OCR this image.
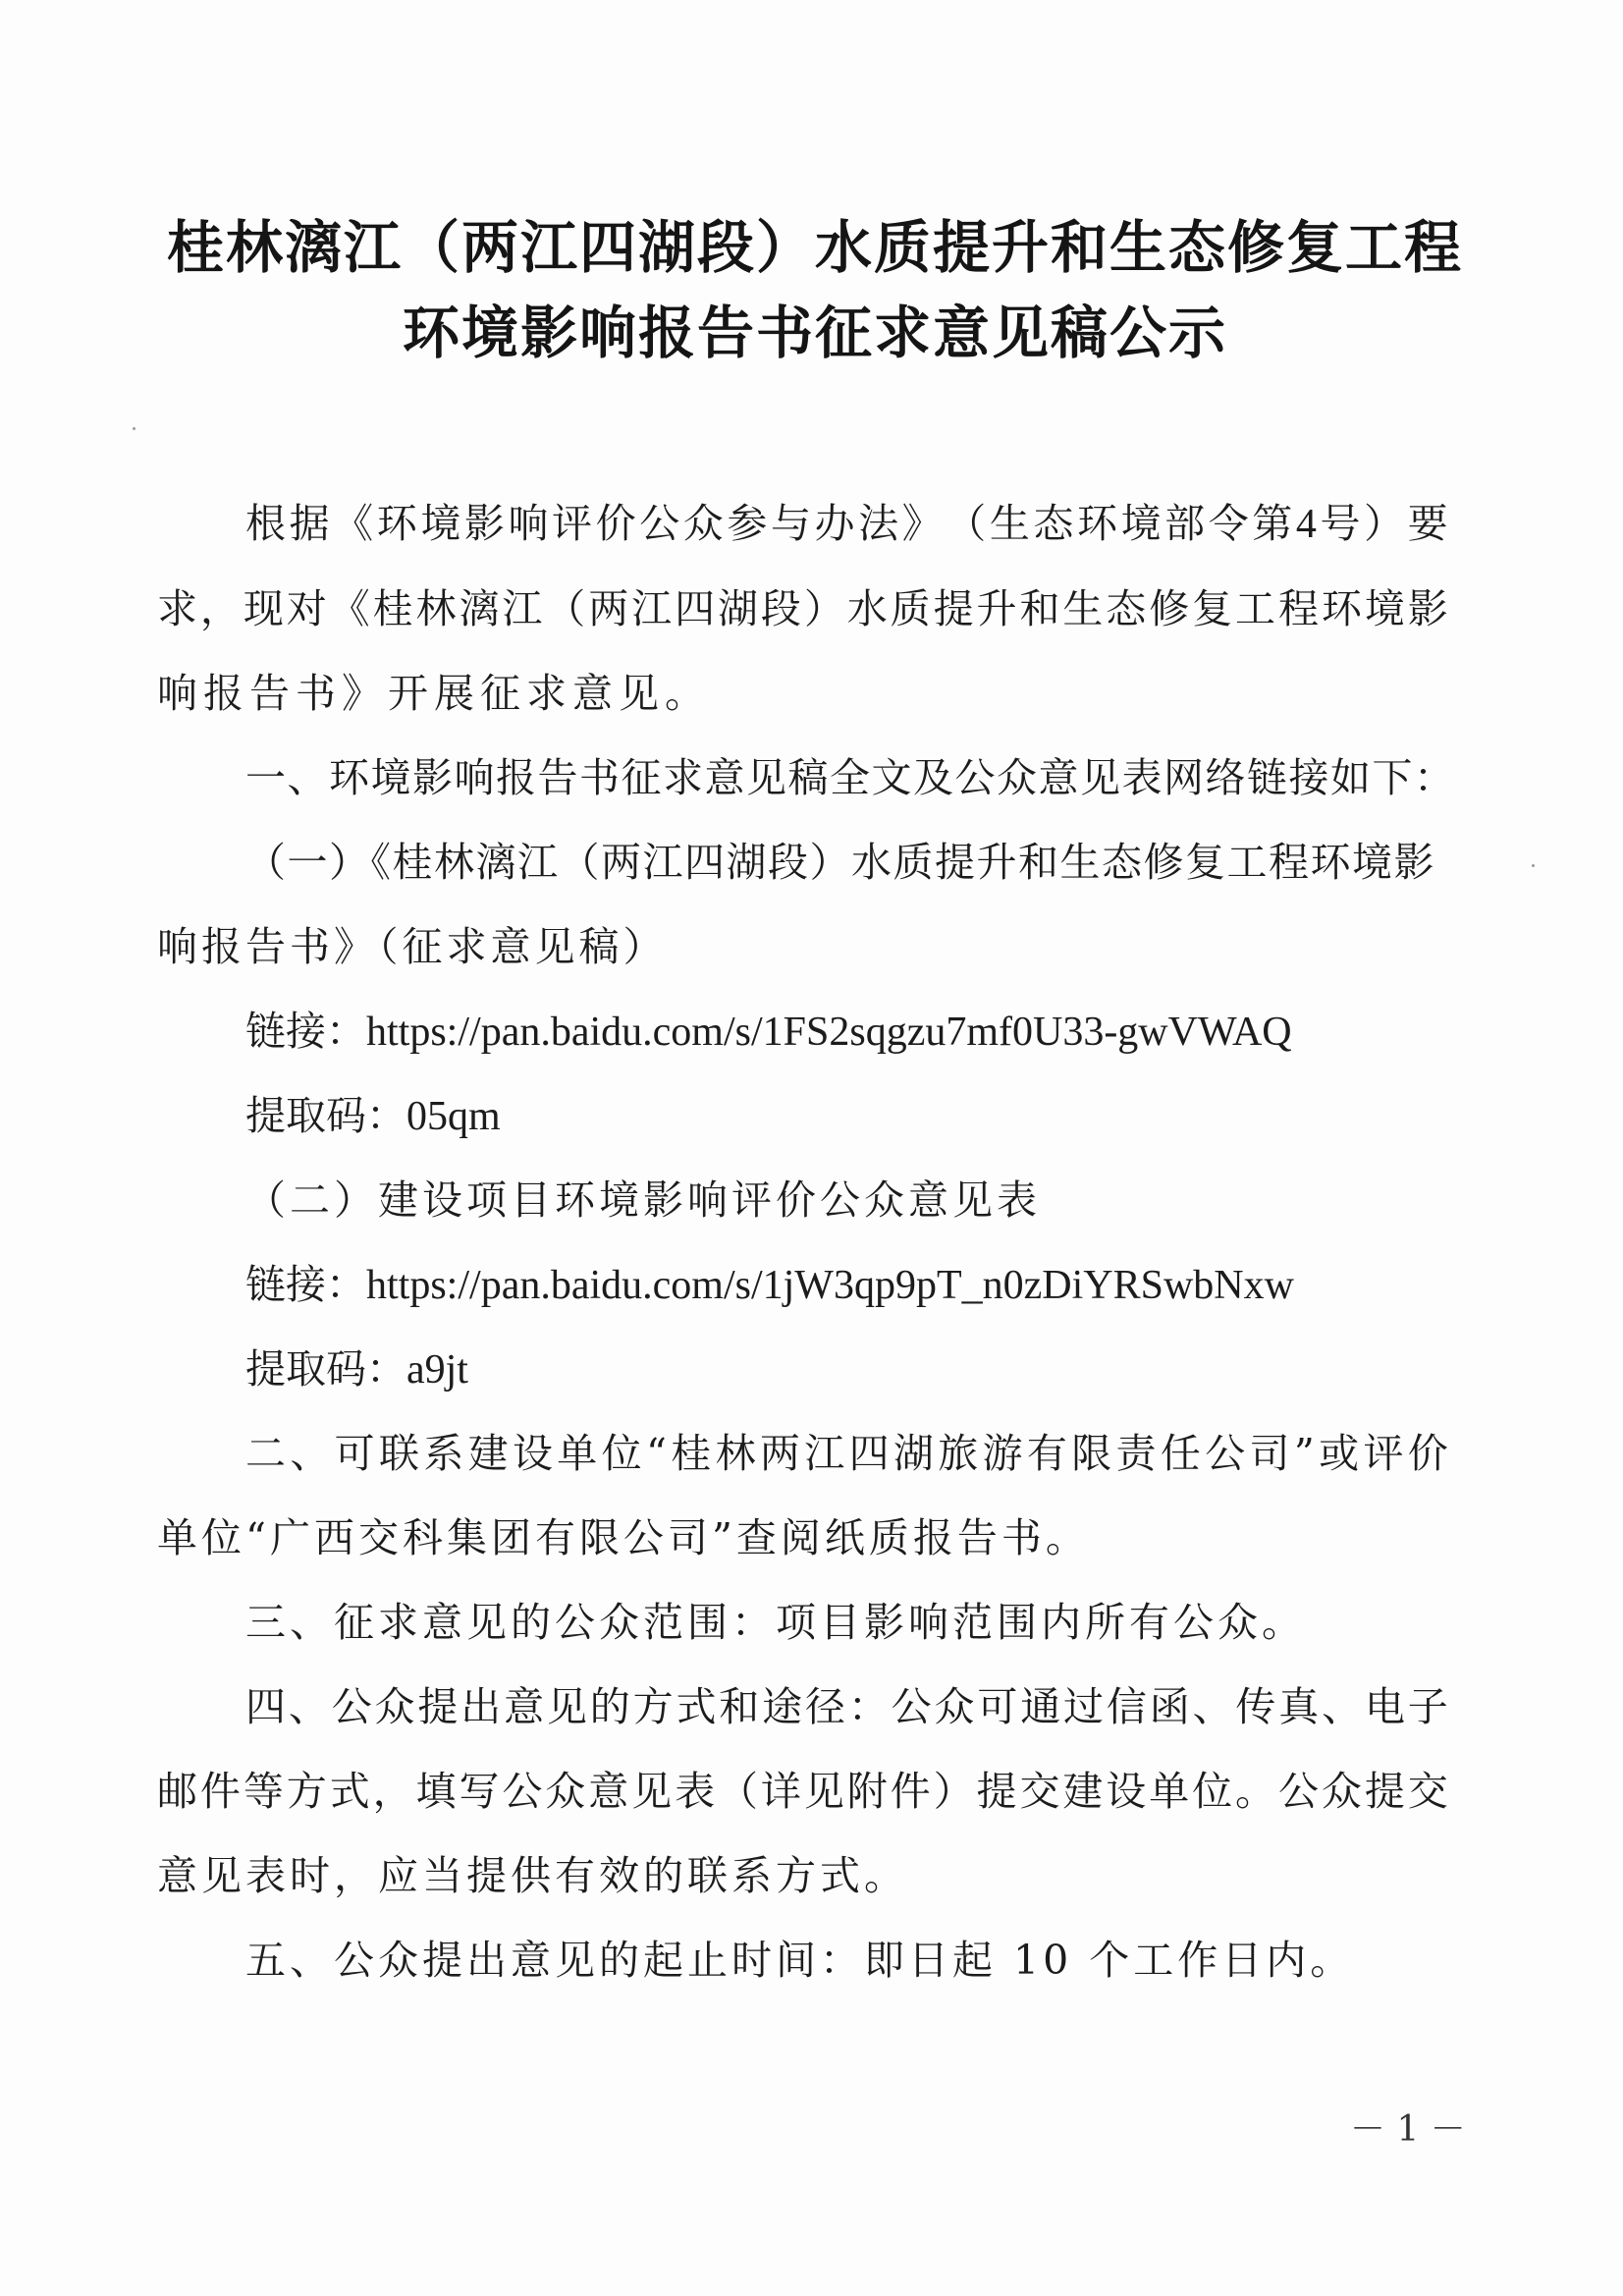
桂林漓江（两江四湖段）水质提升和生态修复工程
环境影响报告书征求意见稿公示
根 据 《 环 境 影 响 评 价 公 众 参 与 办 法 》 （ 生 态 环 境 部 令 第 4 号 ） 要
求 ， 现 对 《 桂 林 漓 江 （ 两 江 四 湖 段 ） 水 质 提 升 和 生 态 修 复 工 程 环 境 影
响报告书》开展征求意见。
一、环境影响报告书征求意见稿全文及公众意见表网络链接如下：
（一）《桂林漓江（两江四湖段）水质提升和生态修复工程环境影
响报告书》（征求意见稿）
链接：https://pan.baidu.com/s/1FS2sqgzu7mf0U33-gwVWAQ
提取码：05qm
（二）建设项目环境影响评价公众意见表
链接：https://pan.baidu.com/s/1jW3qp9pT_n0zDiYRSwbNxw
提取码：a9jt
二 、 可 联 系 建 设 单 位 “ 桂 林 两 江 四 湖 旅 游 有 限 责 任 公 司 ” 或 评 价
单位“广西交科集团有限公司”查阅纸质报告书。
三、征求意见的公众范围：项目影响范围内所有公众。
四 、 公 众 提 出 意 见 的 方 式 和 途 径 ： 公 众 可 通 过 信 函 、 传 真 、 电 子
邮 件 等 方 式 ， 填 写 公 众 意 见 表 （ 详 见 附 件 ） 提 交 建 设 单 位 。 公 众 提 交
意见表时，应当提供有效的联系方式。
五、公众提出意见的起止时间：即日起 10 个工作日内。
－ 1 －
